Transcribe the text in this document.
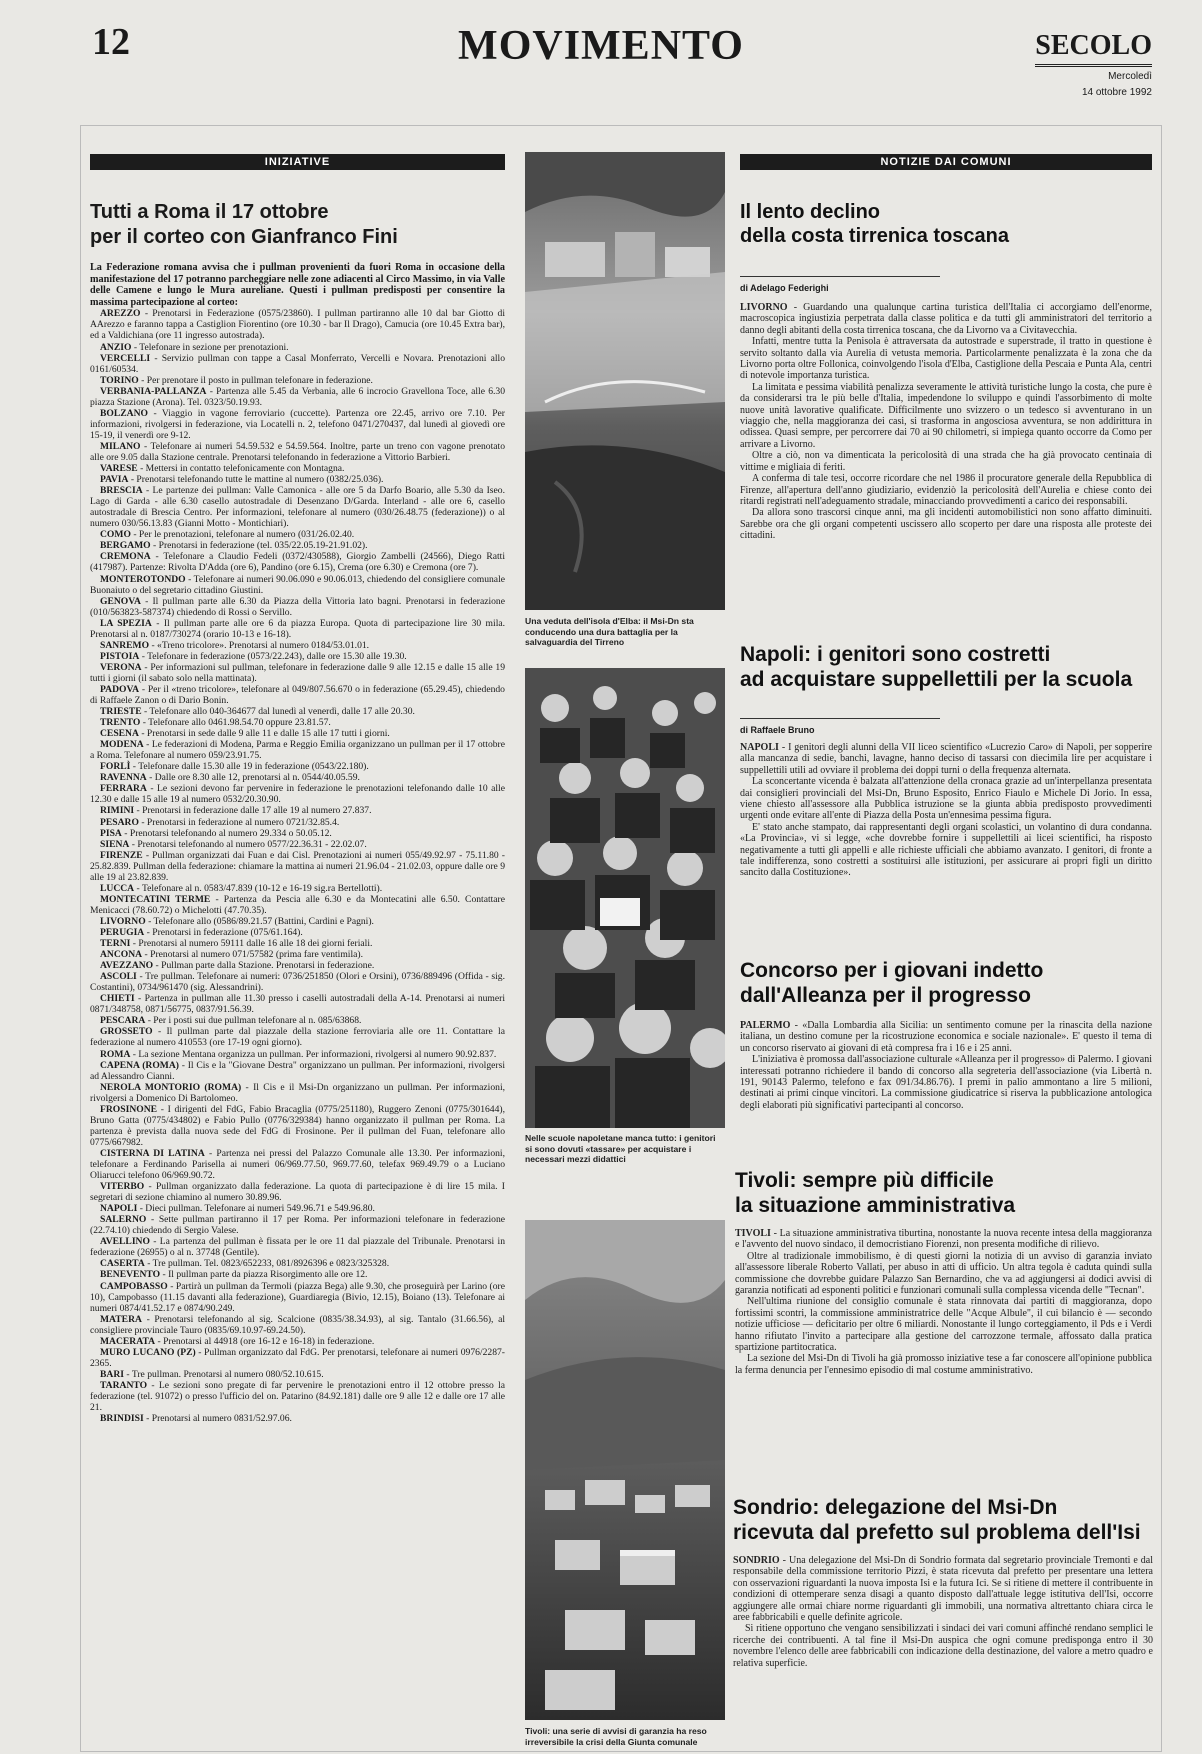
12	MOVIMENTO	SECOLO
Mercoledì
14 ottobre 1992
INIZIATIVE
Tutti a Roma il 17 ottobre
per il corteo con Gianfranco Fini
La Federazione romana avvisa che i pullman provenienti da fuori Roma in occasione della manifestazione del 17 potranno parcheggiare nelle zone adiacenti al Circo Massimo, in via Valle delle Camene e lungo le Mura aureliane. Questi i pullman predisposti per consentire la massima partecipazione al corteo:

AREZZO - Prenotarsi in Federazione (0575/23860). I pullman partiranno alle 10 dal bar Giotto di AArezzo e faranno tappa a Castiglion Fiorentino (ore 10.30 - bar Il Drago), Camucia (ore 10.45 Extra bar), ed a Valdichiana (ore 11 ingresso autostrada).

ANZIO - Telefonare in sezione per prenotazioni.

VERCELLI - Servizio pullman con tappe a Casal Monferrato, Vercelli e Novara. Prenotazioni allo 0161/60534.

TORINO - Per prenotare il posto in pullman telefonare in federazione.

VERBANIA-PALLANZA - Partenza alle 5.45 da Verbania, alle 6 incrocio Gravellona Toce, alle 6.30 piazza Stazione (Arona). Tel. 0323/50.19.93.

BOLZANO - Viaggio in vagone ferroviario (cuccette). Partenza ore 22.45, arrivo ore 7.10. Per informazioni, rivolgersi in federazione, via Locatelli n. 2, telefono 0471/270437, dal lunedì al giovedì ore 15-19, il venerdì ore 9-12.

MILANO - Telefonare ai numeri 54.59.532 e 54.59.564. Inoltre, parte un treno con vagone prenotato alle ore 9.05 dalla Stazione centrale. Prenotarsi telefonando in federazione a Vittorio Barbieri.

VARESE - Mettersi in contatto telefonicamente con Montagna.

PAVIA - Prenotarsi telefonando tutte le mattine al numero (0382/25.036).

BRESCIA - Le partenze dei pullman: Valle Camonica - alle ore 5 da Darfo Boario, alle 5.30 da Iseo. Lago di Garda - alle 6.30 casello autostradale di Desenzano D/Garda. Interland - alle ore 6, casello autostradale di Brescia Centro. Per informazioni, telefonare al numero (030/26.48.75 (federazione)) o al numero 030/56.13.83 (Gianni Motto - Montichiari).

COMO - Per le prenotazioni, telefonare al numero (031/26.02.40.

BERGAMO - Prenotarsi in federazione (tel. 035/22.05.19-21.91.02).

CREMONA - Telefonare a Claudio Fedeli (0372/430588), Giorgio Zambelli (24566), Diego Ratti (417987). Partenze: Rivolta D'Adda (ore 6), Pandino (ore 6.15), Crema (ore 6.30) e Cremona (ore 7).

MONTEROTONDO - Telefonare ai numeri 90.06.090 e 90.06.013, chiedendo del consigliere comunale Buonaiuto o del segretario cittadino Giustini.

GENOVA - Il pullman parte alle 6.30 da Piazza della Vittoria lato bagni. Prenotarsi in federazione (010/563823-587374) chiedendo di Rossi o Servillo.

LA SPEZIA - Il pullman parte alle ore 6 da piazza Europa. Quota di partecipazione lire 30 mila. Prenotarsi al n. 0187/730274 (orario 10-13 e 16-18).

SANREMO - «Treno tricolore». Prenotarsi al numero 0184/53.01.01.

PISTOIA - Telefonare in federazione (0573/22.243), dalle ore 15.30 alle 19.30.

VERONA - Per informazioni sul pullman, telefonare in federazione dalle 9 alle 12.15 e dalle 15 alle 19 tutti i giorni (il sabato solo nella mattinata).

PADOVA - Per il «treno tricolore», telefonare al 049/807.56.670 o in federazione (65.29.45), chiedendo di Raffaele Zanon o di Dario Bonin.

TRIESTE - Telefonare allo 040-364677 dal lunedì al venerdì, dalle 17 alle 20.30.

TRENTO - Telefonare allo 0461.98.54.70 oppure 23.81.57.

CESENA - Prenotarsi in sede dalle 9 alle 11 e dalle 15 alle 17 tutti i giorni.

MODENA - Le federazioni di Modena, Parma e Reggio Emilia organizzano un pullman per il 17 ottobre a Roma. Telefonare al numero 059/23.91.75.

FORLÌ - Telefonare dalle 15.30 alle 19 in federazione (0543/22.180).

RAVENNA - Dalle ore 8.30 alle 12, prenotarsi al n. 0544/40.05.59.

FERRARA - Le sezioni devono far pervenire in federazione le prenotazioni telefonando dalle 10 alle 12.30 e dalle 15 alle 19 al numero 0532/20.30.90.

RIMINI - Prenotarsi in federazione dalle 17 alle 19 al numero 27.837.

PESARO - Prenotarsi in federazione al numero 0721/32.85.4.

PISA - Prenotarsi telefonando al numero 29.334 o 50.05.12.

SIENA - Prenotarsi telefonando al numero 0577/22.36.31 - 22.02.07.

FIRENZE - Pullman organizzati dai Fuan e dai Cisl. Prenotazioni ai numeri 055/49.92.97 - 75.11.80 - 25.82.839. Pullman della federazione: chiamare la mattina ai numeri 21.96.04 - 21.02.03, oppure dalle ore 9 alle 19 al 23.82.839.

LUCCA - Telefonare al n. 0583/47.839 (10-12 e 16-19 sig.ra Bertellotti).

MONTECATINI TERME - Partenza da Pescia alle 6.30 e da Montecatini alle 6.50. Contattare Menicacci (78.60.72) o Michelotti (47.70.35).

LIVORNO - Telefonare allo (0586/89.21.57 (Battini, Cardini e Pagni).

PERUGIA - Prenotarsi in federazione (075/61.164).

TERNI - Prenotarsi al numero 59111 dalle 16 alle 18 dei giorni feriali.

ANCONA - Prenotarsi al numero 071/57582 (prima fare ventimila).

AVEZZANO - Pullman parte dalla Stazione. Prenotarsi in federazione.

ASCOLI - Tre pullman. Telefonare ai numeri: 0736/251850 (Olori e Orsini), 0736/889496 (Offida - sig. Costantini), 0734/961470 (sig. Alessandrini).

CHIETI - Partenza in pullman alle 11.30 presso i caselli autostradali della A-14. Prenotarsi ai numeri 0871/348758, 0871/56775, 0837/91.56.39.

PESCARA - Per i posti sui due pullman telefonare al n. 085/63868.

GROSSETO - Il pullman parte dal piazzale della stazione ferroviaria alle ore 11. Contattare la federazione al numero 410553 (ore 17-19 ogni giorno).

ROMA - La sezione Mentana organizza un pullman. Per informazioni, rivolgersi al numero 90.92.837.

CAPENA (ROMA) - Il Cis e la "Giovane Destra" organizzano un pullman. Per informazioni, rivolgersi ad Alessandro Cianni.

NEROLA MONTORIO (ROMA) - Il Cis e il Msi-Dn organizzano un pullman. Per informazioni, rivolgersi a Domenico Di Bartolomeo.

FROSINONE - I dirigenti del FdG, Fabio Bracaglia (0775/251180), Ruggero Zenoni (0775/301644), Bruno Gatta (0775/434802) e Fabio Pullo (0776/329384) hanno organizzato il pullman per Roma. La partenza è prevista dalla nuova sede del FdG di Frosinone. Per il pullman del Fuan, telefonare allo 0775/667982.

CISTERNA DI LATINA - Partenza nei pressi del Palazzo Comunale alle 13.30. Per informazioni, telefonare a Ferdinando Parisella ai numeri 06/969.77.50, 969.77.60, telefax 969.49.79 o a Luciano Oliarucci telefono 06/969.90.72.

VITERBO - Pullman organizzato dalla federazione. La quota di partecipazione è di lire 15 mila. I segretari di sezione chiamino al numero 30.89.96.

NAPOLI - Dieci pullman. Telefonare ai numeri 549.96.71 e 549.96.80.

SALERNO - Sette pullman partiranno il 17 per Roma. Per informazioni telefonare in federazione (22.74.10) chiedendo di Sergio Valese.

AVELLINO - La partenza del pullman è fissata per le ore 11 dal piazzale del Tribunale. Prenotarsi in federazione (26955) o al n. 37748 (Gentile).

CASERTA - Tre pullman. Tel. 0823/652233, 081/8926396 e 0823/325328.

BENEVENTO - Il pullman parte da piazza Risorgimento alle ore 12.

CAMPOBASSO - Partirà un pullman da Termoli (piazza Bega) alle 9.30, che proseguirà per Larino (ore 10), Campobasso (11.15 davanti alla federazione), Guardiaregia (Bivio, 12.15), Boiano (13). Telefonare ai numeri 0874/41.52.17 e 0874/90.249.

MATERA - Prenotarsi telefonando al sig. Scalcione (0835/38.34.93), al sig. Tantalo (31.66.56), al consigliere provinciale Tauro (0835/69.10.97-69.24.50).

MACERATA - Prenotarsi al 44918 (ore 16-12 e 16-18) in federazione.

MURO LUCANO (PZ) - Pullman organizzato dal FdG. Per prenotarsi, telefonare ai numeri 0976/2287-2365.

BARI - Tre pullman. Prenotarsi al numero 080/52.10.615.

TARANTO - Le sezioni sono pregate di far pervenire le prenotazioni entro il 12 ottobre presso la federazione (tel. 91072) o presso l'ufficio del on. Patarino (84.92.181) dalle ore 9 alle 12 e dalle ore 17 alle 21.

BRINDISI - Prenotarsi al numero 0831/52.97.06.

Una veduta dell'isola d'Elba: il Msi-Dn sta conducendo una dura battaglia per la salvaguardia del Tirreno
Nelle scuole napoletane manca tutto: i genitori si sono dovuti «tassare» per acquistare i necessari mezzi didattici
Tivoli: una serie di avvisi di garanzia ha reso irreversibile la crisi della Giunta comunale
NOTIZIE DAI COMUNI
Il lento declino
della costa tirrenica toscana
di Adelago Federighi

LIVORNO - Guardando una qualunque cartina turistica dell'Italia ci accorgiamo dell'enorme, macroscopica ingiustizia perpetrata dalla classe politica e da tutti gli amministratori del territorio a danno degli abitanti della costa tirrenica toscana, che da Livorno va a Civitavecchia.

Infatti, mentre tutta la Penisola è attraversata da autostrade e superstrade, il tratto in questione è servito soltanto dalla via Aurelia di vetusta memoria. Particolarmente penalizzata è la zona che da Livorno porta oltre Follonica, coinvolgendo l'isola d'Elba, Castiglione della Pescaia e Punta Ala, centri di notevole importanza turistica.

La limitata e pessima viabilità penalizza severamente le attività turistiche lungo la costa, che pure è da considerarsi tra le più belle d'Italia, impedendone lo sviluppo e quindi l'assorbimento di molte nuove unità lavorative qualificate. Difficilmente uno svizzero o un tedesco si avventurano in un viaggio che, nella maggioranza dei casi, si trasforma in angosciosa avventura, se non addirittura in odissea. Quasi sempre, per percorrere dai 70 ai 90 chilometri, si impiega quanto occorre da Como per arrivare a Livorno.

Oltre a ciò, non va dimenticata la pericolosità di una strada che ha già provocato centinaia di vittime e migliaia di feriti.

A conferma di tale tesi, occorre ricordare che nel 1986 il procuratore generale della Repubblica di Firenze, all'apertura dell'anno giudiziario, evidenziò la pericolosità dell'Aurelia e chiese conto dei ritardi registrati nell'adeguamento stradale, minacciando provvedimenti a carico dei responsabili.

Da allora sono trascorsi cinque anni, ma gli incidenti automobilistici non sono affatto diminuiti. Sarebbe ora che gli organi competenti uscissero allo scoperto per dare una risposta alle proteste dei cittadini.

Napoli: i genitori sono costretti
ad acquistare suppellettili per la scuola
di Raffaele Bruno

NAPOLI - I genitori degli alunni della VII liceo scientifico «Lucrezio Caro» di Napoli, per sopperire alla mancanza di sedie, banchi, lavagne, hanno deciso di tassarsi con diecimila lire per acquistare i suppellettili utili ad ovviare il problema dei doppi turni o della frequenza alternata.

La sconcertante vicenda è balzata all'attenzione della cronaca grazie ad un'interpellanza presentata dai consiglieri provinciali del Msi-Dn, Bruno Esposito, Enrico Fiaulo e Michele Di Jorio. In essa, viene chiesto all'assessore alla Pubblica istruzione se la giunta abbia predisposto provvedimenti urgenti onde evitare all'ente di Piazza della Posta un'ennesima pessima figura.

E' stato anche stampato, dai rappresentanti degli organi scolastici, un volantino di dura condanna. «La Provincia», vi si legge, «che dovrebbe fornire i suppellettili ai licei scientifici, ha risposto negativamente a tutti gli appelli e alle richieste ufficiali che abbiamo avanzato. I genitori, di fronte a tale indifferenza, sono costretti a sostituirsi alle istituzioni, per assicurare ai propri figli un diritto sancito dalla Costituzione».

Concorso per i giovani indetto
dall'Alleanza per il progresso

PALERMO - «Dalla Lombardia alla Sicilia: un sentimento comune per la rinascita della nazione italiana, un destino comune per la ricostruzione economica e sociale nazionale». E' questo il tema di un concorso riservato ai giovani di età compresa fra i 16 e i 25 anni.

L'iniziativa è promossa dall'associazione culturale «Alleanza per il progresso» di Palermo. I giovani interessati potranno richiedere il bando di concorso alla segreteria dell'associazione (via Libertà n. 191, 90143 Palermo, telefono e fax 091/34.86.76). I premi in palio ammontano a lire 5 milioni, destinati ai primi cinque vincitori. La commissione giudicatrice si riserva la pubblicazione antologica degli elaborati più significativi partecipanti al concorso.

Tivoli: sempre più difficile
la situazione amministrativa

TIVOLI - La situazione amministrativa tiburtina, nonostante la nuova recente intesa della maggioranza e l'avvento del nuovo sindaco, il democristiano Fiorenzi, non presenta modifiche di rilievo.

Oltre al tradizionale immobilismo, è di questi giorni la notizia di un avviso di garanzia inviato all'assessore liberale Roberto Vallati, per abuso in atti di ufficio. Un altra tegola è caduta quindi sulla commissione che dovrebbe guidare Palazzo San Bernardino, che va ad aggiungersi ai dodici avvisi di garanzia notificati ad esponenti politici e funzionari comunali sulla complessa vicenda delle "Tecnan".

Nell'ultima riunione del consiglio comunale è stata rinnovata dai partiti di maggioranza, dopo fortissimi scontri, la commissione amministratrice delle "Acque Albule", il cui bilancio è — secondo notizie ufficiose — deficitario per oltre 6 miliardi. Nonostante il lungo corteggiamento, il Pds e i Verdi hanno rifiutato l'invito a partecipare alla gestione del carrozzone termale, affossato dalla pratica spartizione partitocratica.

La sezione del Msi-Dn di Tivoli ha già promosso iniziative tese a far conoscere all'opinione pubblica la ferma denuncia per l'ennesimo episodio di mal costume amministrativo.

Sondrio: delegazione del Msi-Dn
ricevuta dal prefetto sul problema dell'Isi

SONDRIO - Una delegazione del Msi-Dn di Sondrio formata dal segretario provinciale Tremonti e dal responsabile della commissione territorio Pizzi, è stata ricevuta dal prefetto per presentare una lettera con osservazioni riguardanti la nuova imposta Isi e la futura Ici. Se si ritiene di mettere il contribuente in condizioni di ottemperare senza disagi a quanto disposto dall'attuale legge istitutiva dell'Isi, occorre aggiungere alle ormai chiare norme riguardanti gli immobili, una normativa altrettanto chiara circa le aree fabbricabili e quelle definite agricole.

Si ritiene opportuno che vengano sensibilizzati i sindaci dei vari comuni affinché rendano semplici le ricerche dei contribuenti. A tal fine il Msi-Dn auspica che ogni comune predisponga entro il 30 novembre l'elenco delle aree fabbricabili con indicazione della destinazione, del valore a metro quadro e relativa superficie.
